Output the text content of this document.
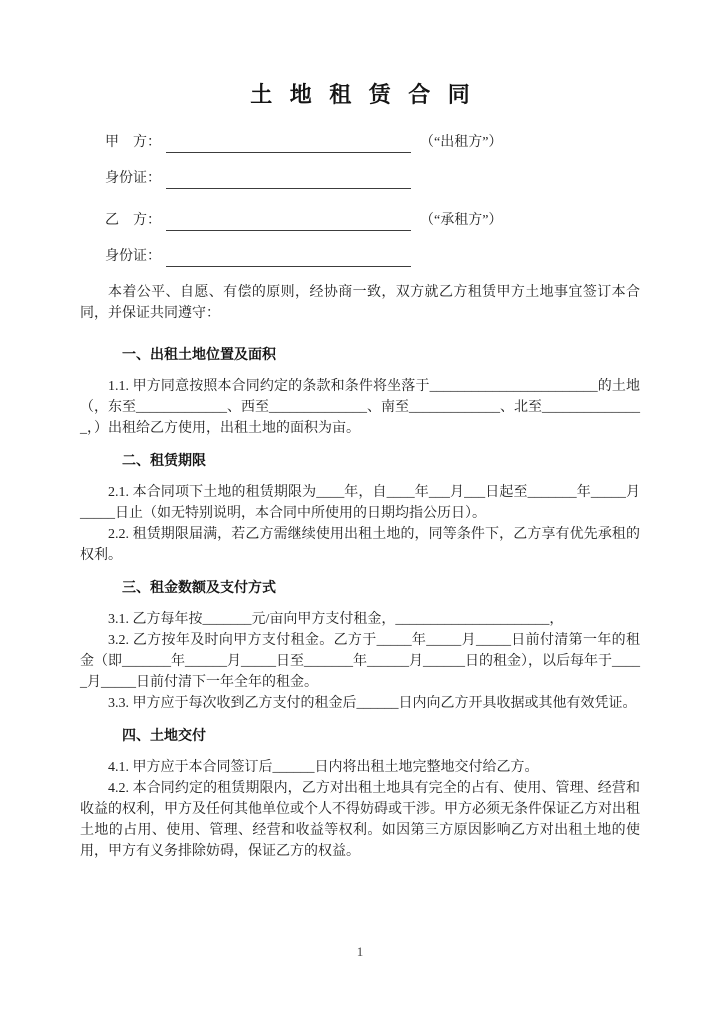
土 地 租 赁 合 同
甲　方：	（“出租方”）
身份证：
乙　方：	（“承租方”）
身份证：

本着公平、自愿、有偿的原则，经协商一致，双方就乙方租赁甲方土地事宜签订本合同，并保证共同遵守：

一、出租土地位置及面积

1.1. 甲方同意按照本合同约定的条款和条件将坐落于________________________的土地（，东至_____________、西至______________、南至_____________、北至_______________，）出租给乙方使用，出租土地的面积为亩。

二、租赁期限

2.1. 本合同项下土地的租赁期限为____年，自____年___月___日起至_______年_____月_____日止（如无特别说明，本合同中所使用的日期均指公历日）。

2.2. 租赁期限届满，若乙方需继续使用出租土地的，同等条件下，乙方享有优先承租的权利。

三、租金数额及支付方式

3.1. 乙方每年按_______元/亩向甲方支付租金，______________________，

3.2. 乙方按年及时向甲方支付租金。乙方于_____年_____月_____日前付清第一年的租金（即_______年______月_____日至_______年______月______日的租金），以后每年于_____月_____日前付清下一年全年的租金。

3.3. 甲方应于每次收到乙方支付的租金后______日内向乙方开具收据或其他有效凭证。

四、土地交付

4.1. 甲方应于本合同签订后______日内将出租土地完整地交付给乙方。

4.2. 本合同约定的租赁期限内，乙方对出租土地具有完全的占有、使用、管理、经营和收益的权利，甲方及任何其他单位或个人不得妨碍或干涉。甲方必须无条件保证乙方对出租土地的占用、使用、管理、经营和收益等权利。如因第三方原因影响乙方对出租土地的使用，甲方有义务排除妨碍，保证乙方的权益。

1
